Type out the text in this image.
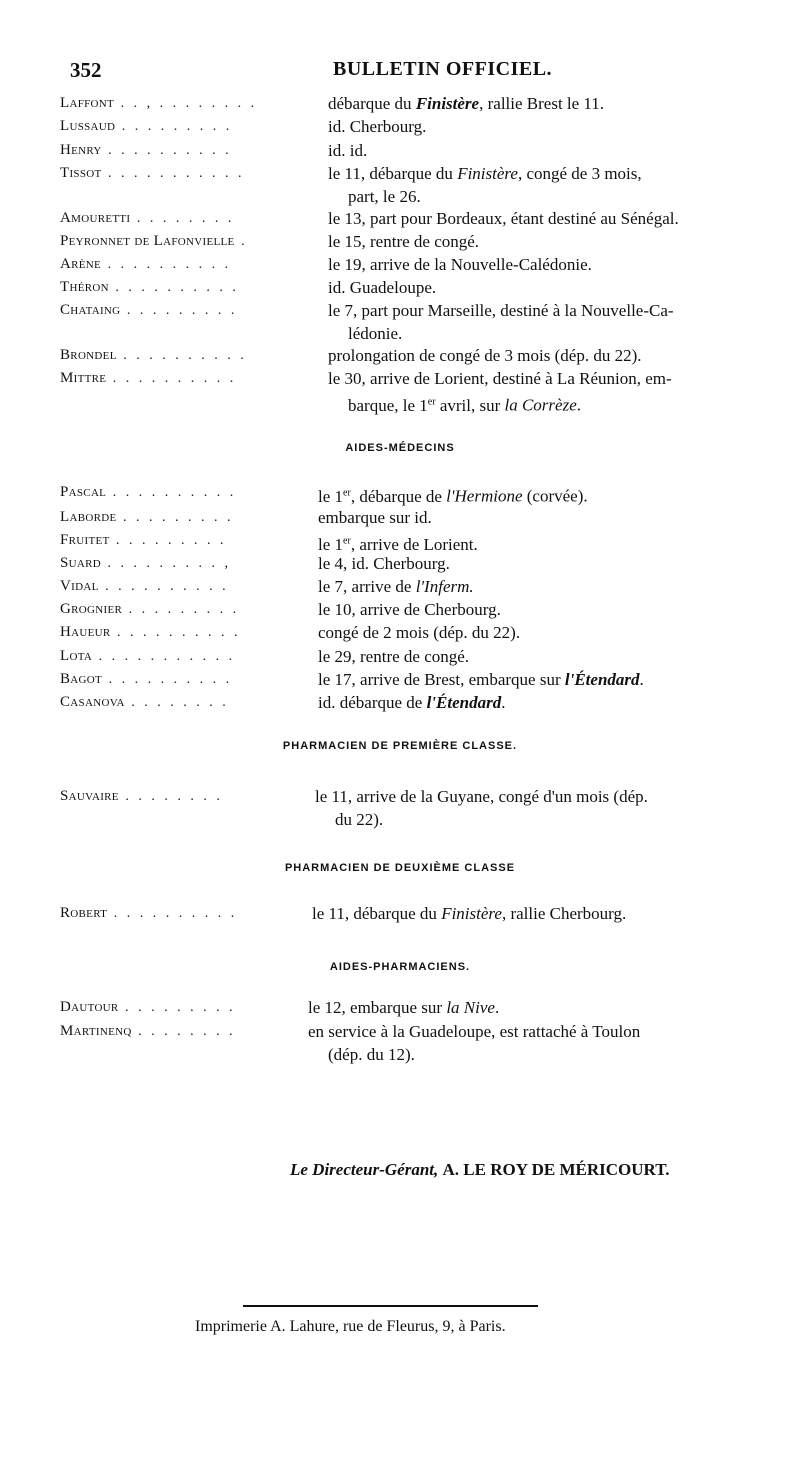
352	BULLETIN OFFICIEL.
Laffont . . , . . . . . . . .	débarque du Finistère, rallie Brest le 11.
Lussaud . . . . . . . . .	id. Cherbourg.
Henry . . . . . . . . . .	id. id.
Tissot . . . . . . . . . . .	le 11, débarque du Finistère, congé de 3 mois,
part, le 26.
Amouretti . . . . . . . .	le 13, part pour Bordeaux, étant destiné au Sénégal.
Peyronnet de Lafonvielle .	le 15, rentre de congé.
Arène . . . . . . . . . .	le 19, arrive de la Nouvelle-Calédonie.
Théron . . . . . . . . . .	id. Guadeloupe.
Chataing . . . . . . . . .	le 7, part pour Marseille, destiné à la Nouvelle-Ca-
lédonie.
Brondel . . . . . . . . . .	prolongation de congé de 3 mois (dép. du 22).
Mittre . . . . . . . . . .	le 30, arrive de Lorient, destiné à La Réunion, em-
barque, le 1er avril, sur la Corrèze.
AIDES-MÉDECINS
Pascal . . . . . . . . . .	le 1er, débarque de l'Hermione (corvée).
Laborde . . . . . . . . .	embarque sur id.
Fruitet . . . . . . . . .	le 1er, arrive de Lorient.
Suard . . . . . . . . . ,	le 4, id. Cherbourg.
Vidal . . . . . . . . . .	le 7, arrive de l'Inferm.
Grognier . . . . . . . . .	le 10, arrive de Cherbourg.
Haueur . . . . . . . . . .	congé de 2 mois (dép. du 22).
Lota . . . . . . . . . . .	le 29, rentre de congé.
Bagot . . . . . . . . . .	le 17, arrive de Brest, embarque sur l'Étendard.
Casanova . . . . . . . .	id. débarque de l'Étendard.
PHARMACIEN DE PREMIÈRE CLASSE.
Sauvaire . . . . . . . .	le 11, arrive de la Guyane, congé d'un mois (dép.
du 22).
PHARMACIEN DE DEUXIÈME CLASSE
Robert . . . . . . . . . .	le 11, débarque du Finistère, rallie Cherbourg.
AIDES-PHARMACIENS.
Dautour . . . . . . . . .	le 12, embarque sur la Nive.
Martinenq . . . . . . . .	en service à la Guadeloupe, est rattaché à Toulon
(dép. du 12).
Le Directeur-Gérant, A. LE ROY DE MÉRICOURT.
Imprimerie A. Lahure, rue de Fleurus, 9, à Paris.
